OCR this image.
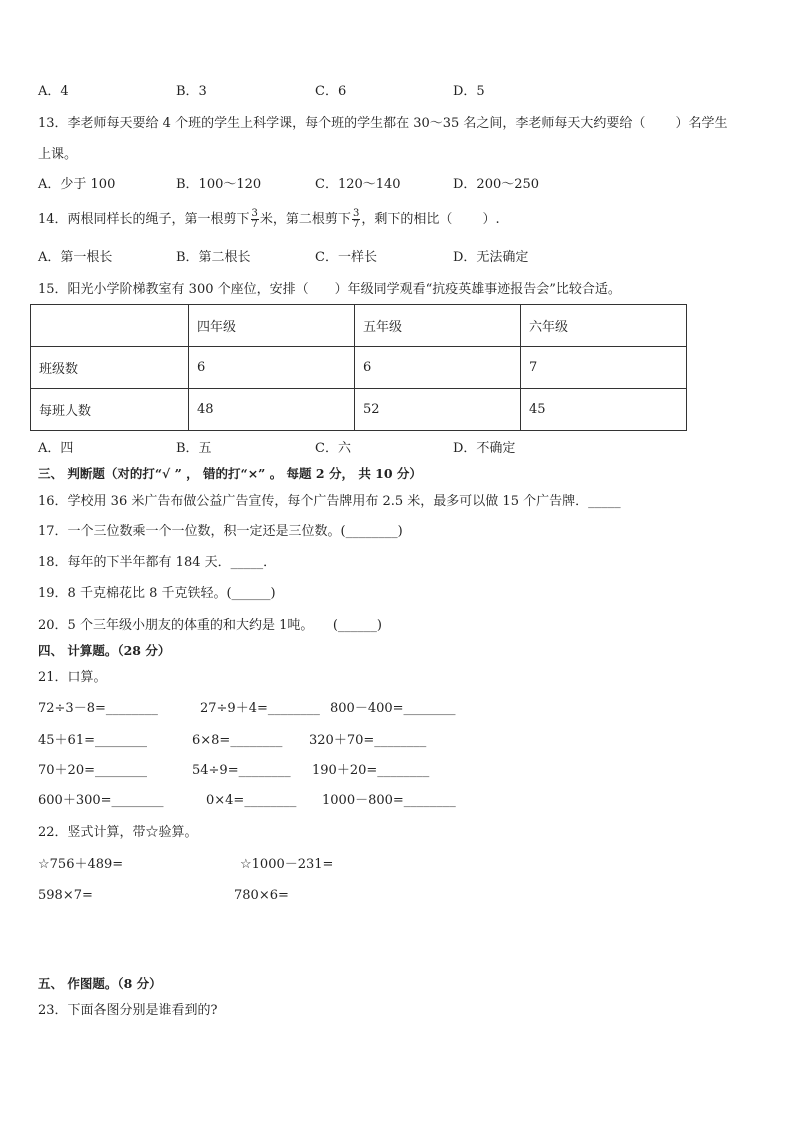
A．4	B．3	C．6	D．5
13．李老师每天要给 4 个班的学生上科学课，每个班的学生都在 30～35 名之间，李老师每天大约要给（　　 ）名学生
上课。
A．少于 100	B．100～120	C．120～140	D．200～250
14．两根同样长的绳子，第一根剪下 $\frac{3}{7}$ 米，第二根剪下 $\frac{3}{7}$ ，剩下的相比（　　 ）.
A．第一根长	B．第二根长	C．一样长	D．无法确定
15．阳光小学阶梯教室有 300 个座位，安排（　　）年级同学观看“抗疫英雄事迹报告会”比较合适。
	四年级	五年级	六年级
班级数	6	6	7
每班人数	48	52	45
A．四	B．五	C．六	D．不确定
三、 判断题（对的打“√ ” ， 错的打“×” 。 每题 2 分， 共 10 分）
16．学校用 36 米广告布做公益广告宣传，每个广告牌用布 2.5 米，最多可以做 15 个广告牌．_____
17．一个三位数乘一个一位数，积一定还是三位数。(________)
18．每年的下半年都有 184 天．_____．
19．8 千克棉花比 8 千克铁轻。(______)
20．5 个三年级小朋友的体重的和大约是 1吨。　　(______)
四、 计算题。（28 分）
21．口算。
72÷3－8=________	27÷9＋4=________ 800－400=________
45＋61=________	6×8=________ 320＋70=________
70＋20=________	54÷9=________ 190＋20=________
600＋300=________	0×4=________ 1000－800=________
22．竖式计算，带☆验算。
☆756＋489=	☆1000－231=
598×7=	780×6=
五、 作图题。（8 分）
23．下面各图分别是谁看到的?
